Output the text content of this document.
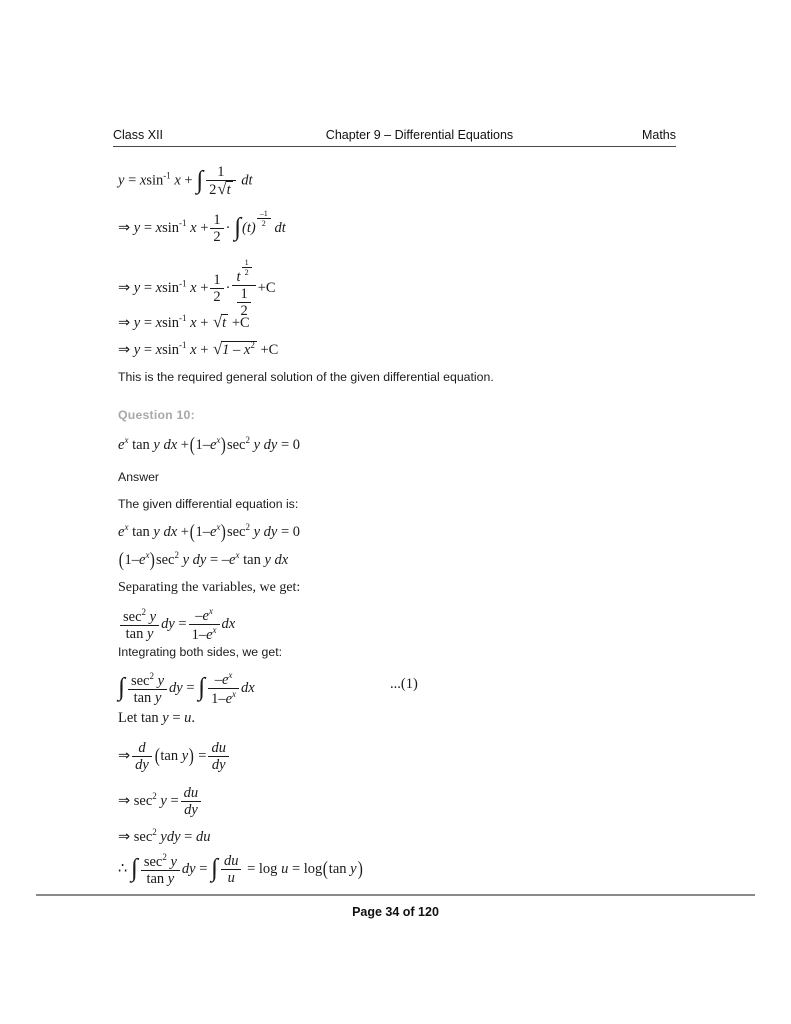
Class XII	Chapter 9 – Differential Equations	Maths
y = xsin$^{-1}$ x + ∫ $\frac{1}{2√t}$ dt
⇒ y = xsin$^{-1}$ $x + \frac{1}{2} \cdot \int(t) \frac{-1}{2}$ dt
⇒ y = xsin$^{-1}$ $x + \frac{1}{2} \cdot \frac{t \frac{1}{2}}{\frac{1}{2}} +C$
⇒ y = xsin$^{-1}$ x + √t +C
⇒ y = xsin$^{-1}$ $x + √1 - x^2 +C$
This is the required general solution of the given differential equation.
Question 10:
$e^x$ tan y dx $+(1-e^x)\sec^2$ y dy = 0
Answer
The given differential equation is:
$e^x$ tan y dx $+(1-e^x)\sec^2$ y dy = 0
$(1-e^x)\sec^2$ y dy = $-e^x$ tan y dx
Separating the variables, we get:
$\frac{\sec^2 y}{\text{tan y}}$ dy = $\frac{-e^x}{1-e^x}$ dx
Integrating both sides, we get:
∫ $\frac{\sec^2 y}{\text{tan y}}$ dy = ∫ $\frac{-e^x}{1-e^x}$ dx	...(1)
Let tan y = u.
⇒ $\frac{d}{dy} (\tan$ $y) = \frac{du}{dy}$
⇒ $\sec^2 y = \frac{du}{dy}$
⇒ $\sec^2$ ydy = du
∴ ∫ $\frac{\sec^2 y}{\text{tan y}}$ dy = ∫ $\frac{du}{u} = \log u = \log(\tan$ y)
Page 34 of 120
